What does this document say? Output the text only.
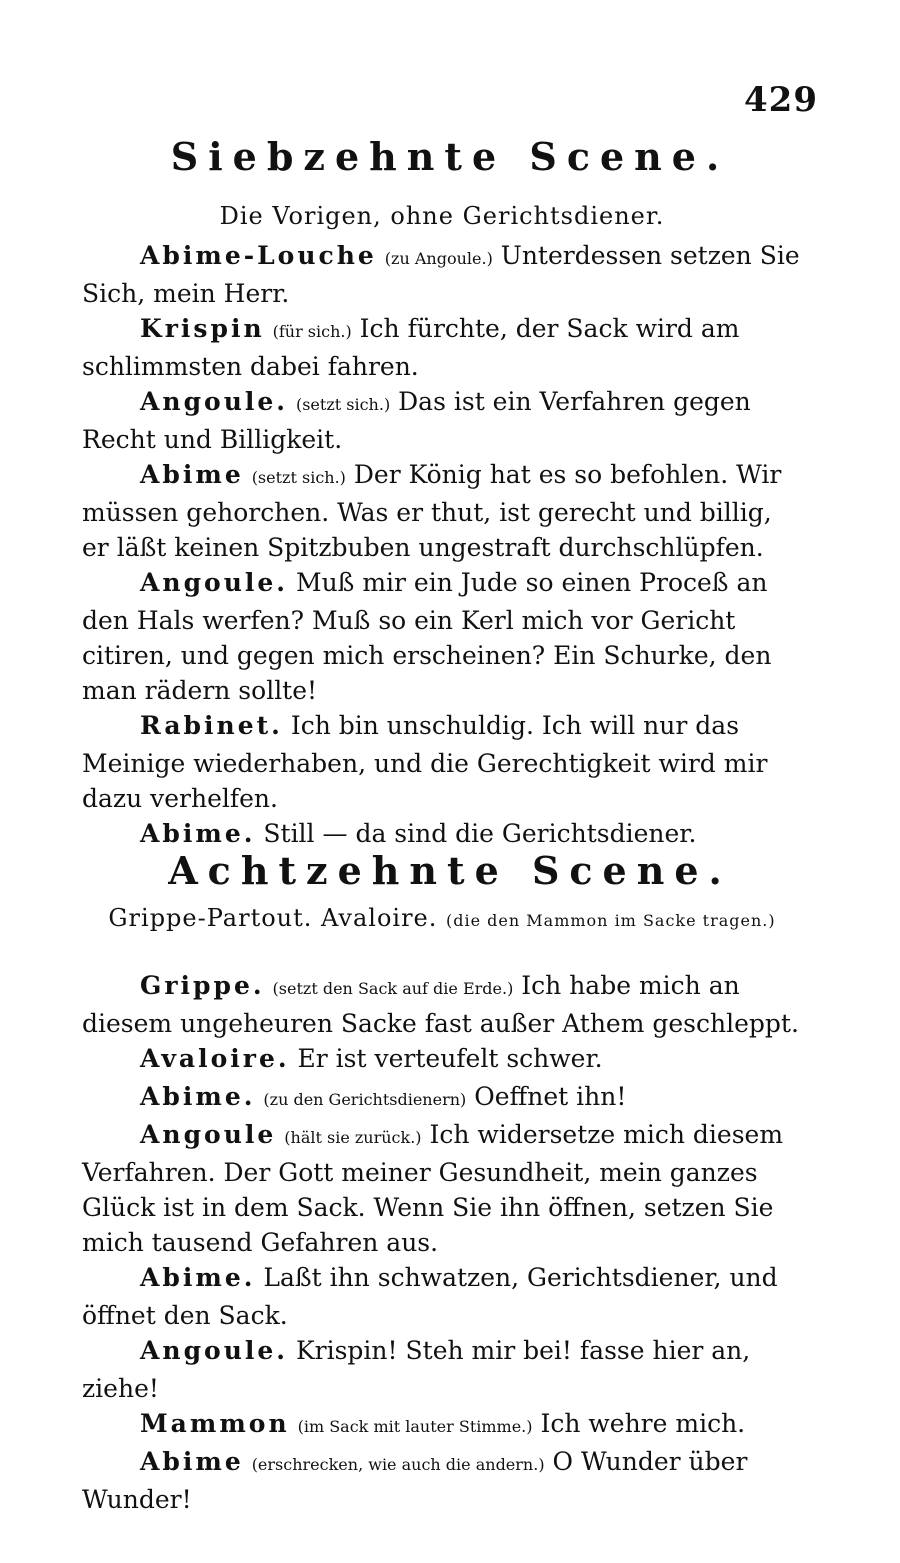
429
Siebzehnte Scene.
Die Vorigen, ohne Gerichtsdiener.

Abime-Louche (zu Angoule.) Unterdessen setzen Sie Sich, mein Herr.

Krispin (für sich.) Ich fürchte, der Sack wird am schlimmsten dabei fahren.

Angoule. (setzt sich.) Das ist ein Verfahren gegen Recht und Billigkeit.

Abime (setzt sich.) Der König hat es so befohlen. Wir müssen gehorchen. Was er thut, ist gerecht und billig, er läßt keinen Spitzbuben ungestraft durchschlüpfen.

Angoule. Muß mir ein Jude so einen Proceß an den Hals werfen? Muß so ein Kerl mich vor Gericht citiren, und gegen mich erscheinen? Ein Schurke, den man rädern sollte!

Rabinet. Ich bin unschuldig. Ich will nur das Meinige wiederhaben, und die Gerechtigkeit wird mir dazu verhelfen.

Abime. Still — da sind die Gerichtsdiener.

Achtzehnte Scene.
Grippe-Partout. Avaloire. (die den Mammon im Sacke tragen.)

Grippe. (setzt den Sack auf die Erde.) Ich habe mich an diesem ungeheuren Sacke fast außer Athem geschleppt.

Avaloire. Er ist verteufelt schwer.

Abime. (zu den Gerichtsdienern) Oeffnet ihn!

Angoule (hält sie zurück.) Ich widersetze mich diesem Verfahren. Der Gott meiner Gesundheit, mein ganzes Glück ist in dem Sack. Wenn Sie ihn öffnen, setzen Sie mich tausend Gefahren aus.

Abime. Laßt ihn schwatzen, Gerichtsdiener, und öffnet den Sack.

Angoule. Krispin! Steh mir bei! fasse hier an, ziehe!

Mammon (im Sack mit lauter Stimme.) Ich wehre mich.

Abime (erschrecken, wie auch die andern.) O Wunder über Wunder!
